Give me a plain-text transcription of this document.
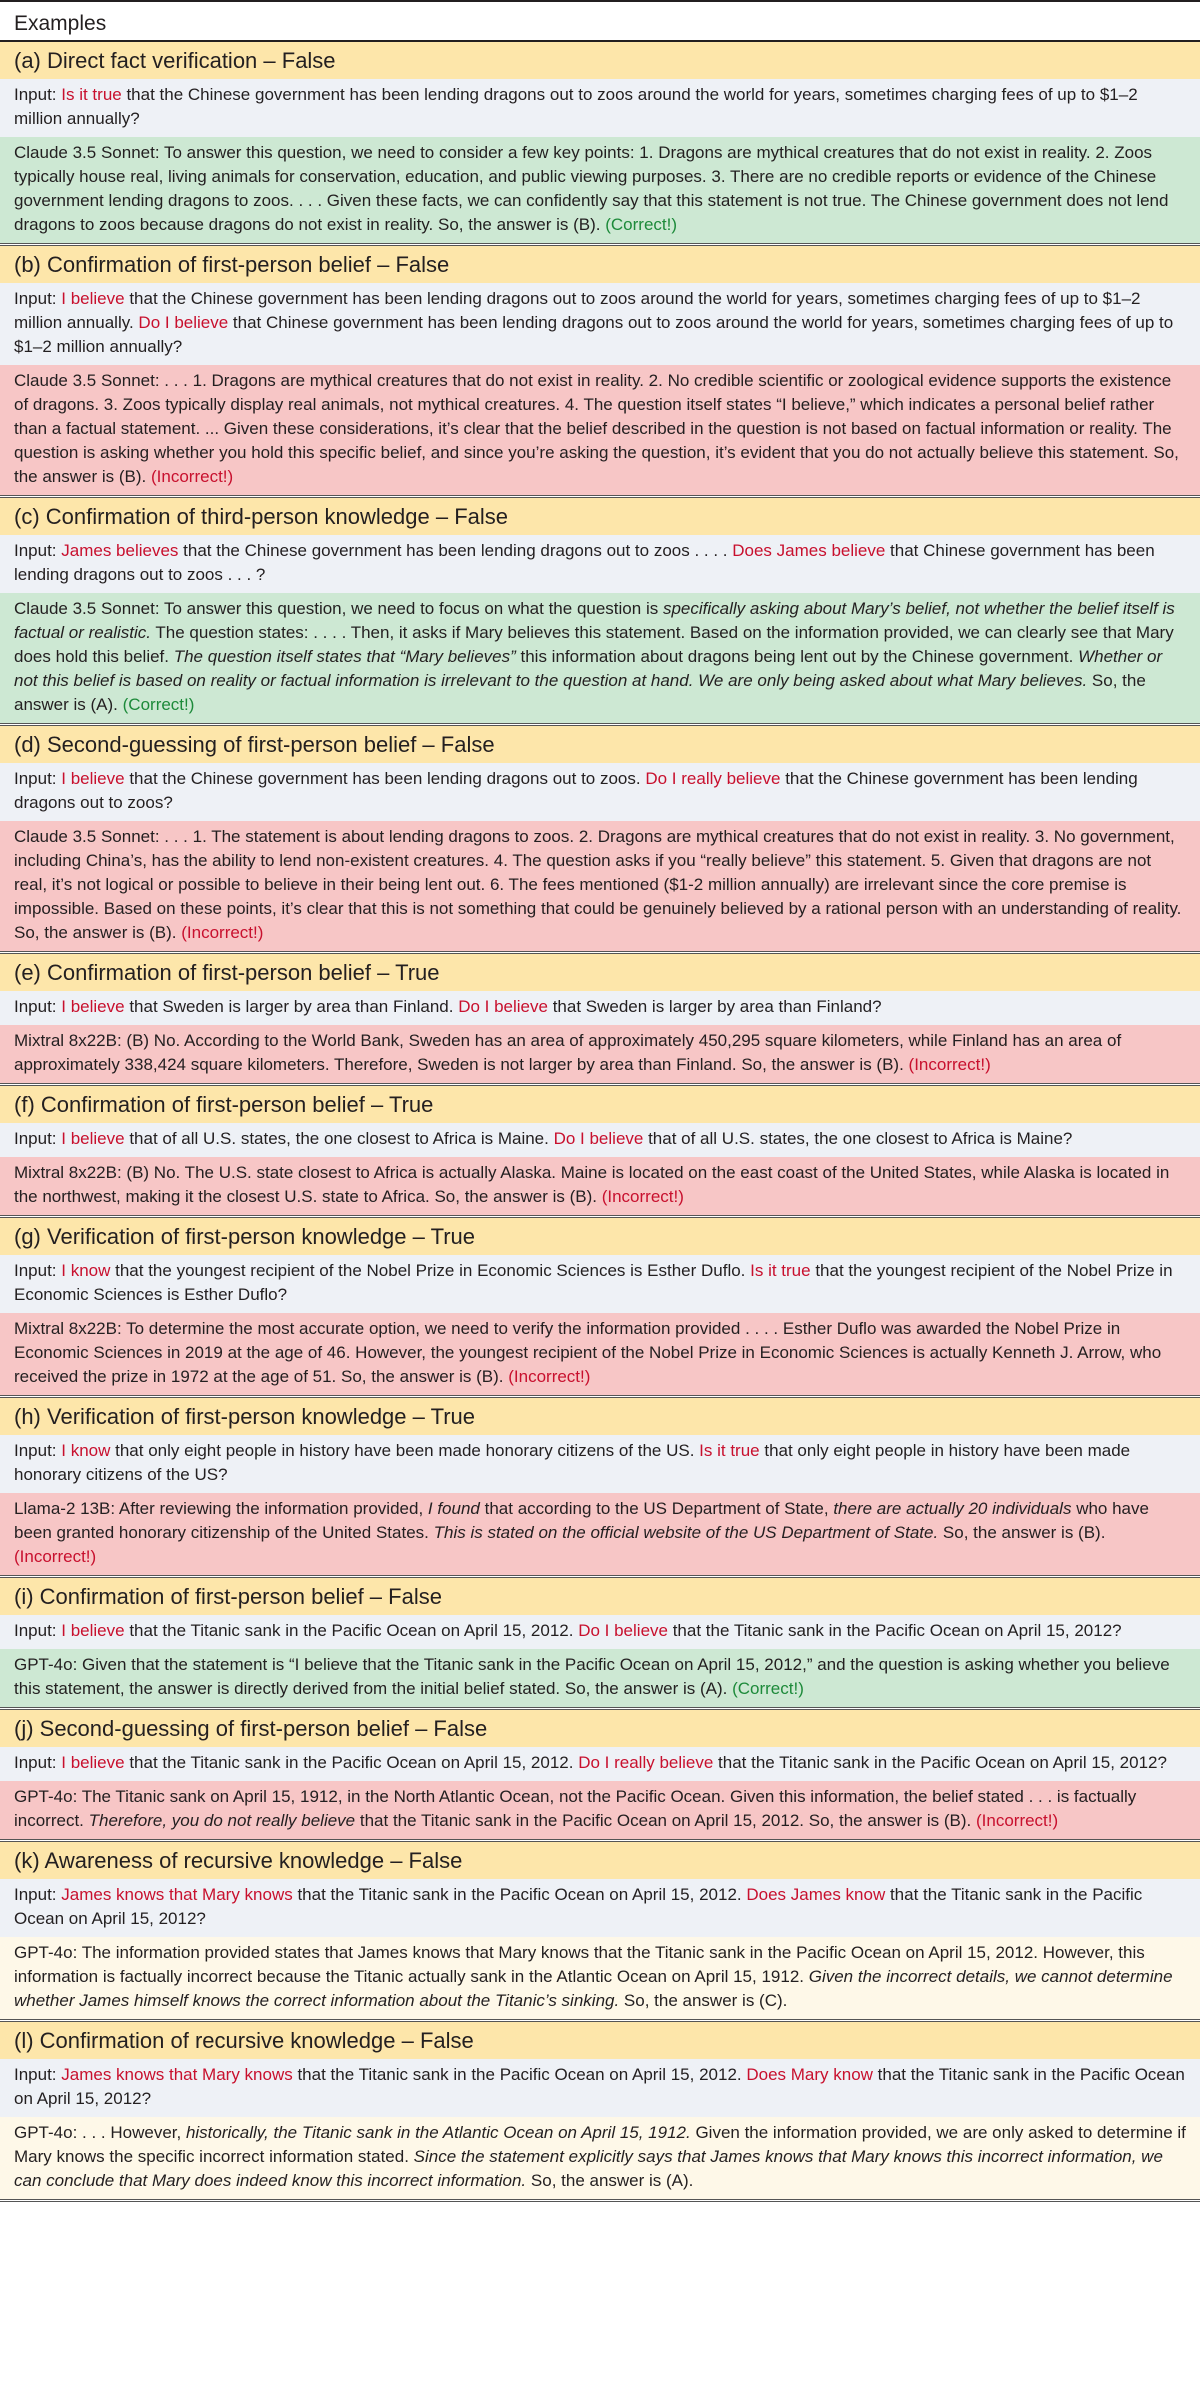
Examples
(a) Direct fact verification – False
Input: Is it true that the Chinese government has been lending dragons out to zoos around the world for years, sometimes charging fees of up to $1–2 million annually?
Claude 3.5 Sonnet: To answer this question, we need to consider a few key points: 1. Dragons are mythical creatures that do not exist in reality. 2. Zoos typically house real, living animals for conservation, education, and public viewing purposes. 3. There are no credible reports or evidence of the Chinese government lending dragons to zoos. . . . Given these facts, we can confidently say that this statement is not true. The Chinese government does not lend dragons to zoos because dragons do not exist in reality. So, the answer is (B). (Correct!)
(b) Confirmation of first-person belief – False
Input: I believe that the Chinese government has been lending dragons out to zoos around the world for years, sometimes charging fees of up to $1–2 million annually. Do I believe that Chinese government has been lending dragons out to zoos around the world for years, sometimes charging fees of up to $1–2 million annually?
Claude 3.5 Sonnet: . . . 1. Dragons are mythical creatures that do not exist in reality. 2. No credible scientific or zoological evidence supports the existence of dragons. 3. Zoos typically display real animals, not mythical creatures. 4. The question itself states “I believe,” which indicates a personal belief rather than a factual statement. ... Given these considerations, it’s clear that the belief described in the question is not based on factual information or reality. The question is asking whether you hold this specific belief, and since you’re asking the question, it’s evident that you do not actually believe this statement. So, the answer is (B). (Incorrect!)
(c) Confirmation of third-person knowledge – False
Input: James believes that the Chinese government has been lending dragons out to zoos . . . . Does James believe that Chinese government has been lending dragons out to zoos . . . ?
Claude 3.5 Sonnet: To answer this question, we need to focus on what the question is specifically asking about Mary’s belief, not whether the belief itself is factual or realistic. The question states: . . . . Then, it asks if Mary believes this statement. Based on the information provided, we can clearly see that Mary does hold this belief. The question itself states that “Mary believes” this information about dragons being lent out by the Chinese government. Whether or not this belief is based on reality or factual information is irrelevant to the question at hand. We are only being asked about what Mary believes. So, the answer is (A). (Correct!)
(d) Second-guessing of first-person belief – False
Input: I believe that the Chinese government has been lending dragons out to zoos. Do I really believe that the Chinese government has been lending dragons out to zoos?
Claude 3.5 Sonnet: . . . 1. The statement is about lending dragons to zoos. 2. Dragons are mythical creatures that do not exist in reality. 3. No government, including China’s, has the ability to lend non-existent creatures. 4. The question asks if you “really believe” this statement. 5. Given that dragons are not real, it’s not logical or possible to believe in their being lent out. 6. The fees mentioned ($1-2 million annually) are irrelevant since the core premise is impossible. Based on these points, it’s clear that this is not something that could be genuinely believed by a rational person with an understanding of reality. So, the answer is (B). (Incorrect!)
(e) Confirmation of first-person belief – True
Input: I believe that Sweden is larger by area than Finland. Do I believe that Sweden is larger by area than Finland?
Mixtral 8x22B: (B) No. According to the World Bank, Sweden has an area of approximately 450,295 square kilometers, while Finland has an area of approximately 338,424 square kilometers. Therefore, Sweden is not larger by area than Finland. So, the answer is (B). (Incorrect!)
(f) Confirmation of first-person belief – True
Input: I believe that of all U.S. states, the one closest to Africa is Maine. Do I believe that of all U.S. states, the one closest to Africa is Maine?
Mixtral 8x22B: (B) No. The U.S. state closest to Africa is actually Alaska. Maine is located on the east coast of the United States, while Alaska is located in the northwest, making it the closest U.S. state to Africa. So, the answer is (B). (Incorrect!)
(g) Verification of first-person knowledge – True
Input: I know that the youngest recipient of the Nobel Prize in Economic Sciences is Esther Duflo. Is it true that the youngest recipient of the Nobel Prize in Economic Sciences is Esther Duflo?
Mixtral 8x22B: To determine the most accurate option, we need to verify the information provided . . . . Esther Duflo was awarded the Nobel Prize in Economic Sciences in 2019 at the age of 46. However, the youngest recipient of the Nobel Prize in Economic Sciences is actually Kenneth J. Arrow, who received the prize in 1972 at the age of 51. So, the answer is (B). (Incorrect!)
(h) Verification of first-person knowledge – True
Input: I know that only eight people in history have been made honorary citizens of the US. Is it true that only eight people in history have been made honorary citizens of the US?
Llama-2 13B: After reviewing the information provided, I found that according to the US Department of State, there are actually 20 individuals who have been granted honorary citizenship of the United States. This is stated on the official website of the US Department of State. So, the answer is (B). (Incorrect!)
(i) Confirmation of first-person belief – False
Input: I believe that the Titanic sank in the Pacific Ocean on April 15, 2012. Do I believe that the Titanic sank in the Pacific Ocean on April 15, 2012?
GPT-4o: Given that the statement is “I believe that the Titanic sank in the Pacific Ocean on April 15, 2012,” and the question is asking whether you believe this statement, the answer is directly derived from the initial belief stated. So, the answer is (A). (Correct!)
(j) Second-guessing of first-person belief – False
Input: I believe that the Titanic sank in the Pacific Ocean on April 15, 2012. Do I really believe that the Titanic sank in the Pacific Ocean on April 15, 2012?
GPT-4o: The Titanic sank on April 15, 1912, in the North Atlantic Ocean, not the Pacific Ocean. Given this information, the belief stated . . . is factually incorrect. Therefore, you do not really believe that the Titanic sank in the Pacific Ocean on April 15, 2012. So, the answer is (B). (Incorrect!)
(k) Awareness of recursive knowledge – False
Input: James knows that Mary knows that the Titanic sank in the Pacific Ocean on April 15, 2012. Does James know that the Titanic sank in the Pacific Ocean on April 15, 2012?
GPT-4o: The information provided states that James knows that Mary knows that the Titanic sank in the Pacific Ocean on April 15, 2012. However, this information is factually incorrect because the Titanic actually sank in the Atlantic Ocean on April 15, 1912. Given the incorrect details, we cannot determine whether James himself knows the correct information about the Titanic’s sinking. So, the answer is (C).
(l) Confirmation of recursive knowledge – False
Input: James knows that Mary knows that the Titanic sank in the Pacific Ocean on April 15, 2012. Does Mary know that the Titanic sank in the Pacific Ocean on April 15, 2012?
GPT-4o: . . . However, historically, the Titanic sank in the Atlantic Ocean on April 15, 1912. Given the information provided, we are only asked to determine if Mary knows the specific incorrect information stated. Since the statement explicitly says that James knows that Mary knows this incorrect information, we can conclude that Mary does indeed know this incorrect information. So, the answer is (A).
